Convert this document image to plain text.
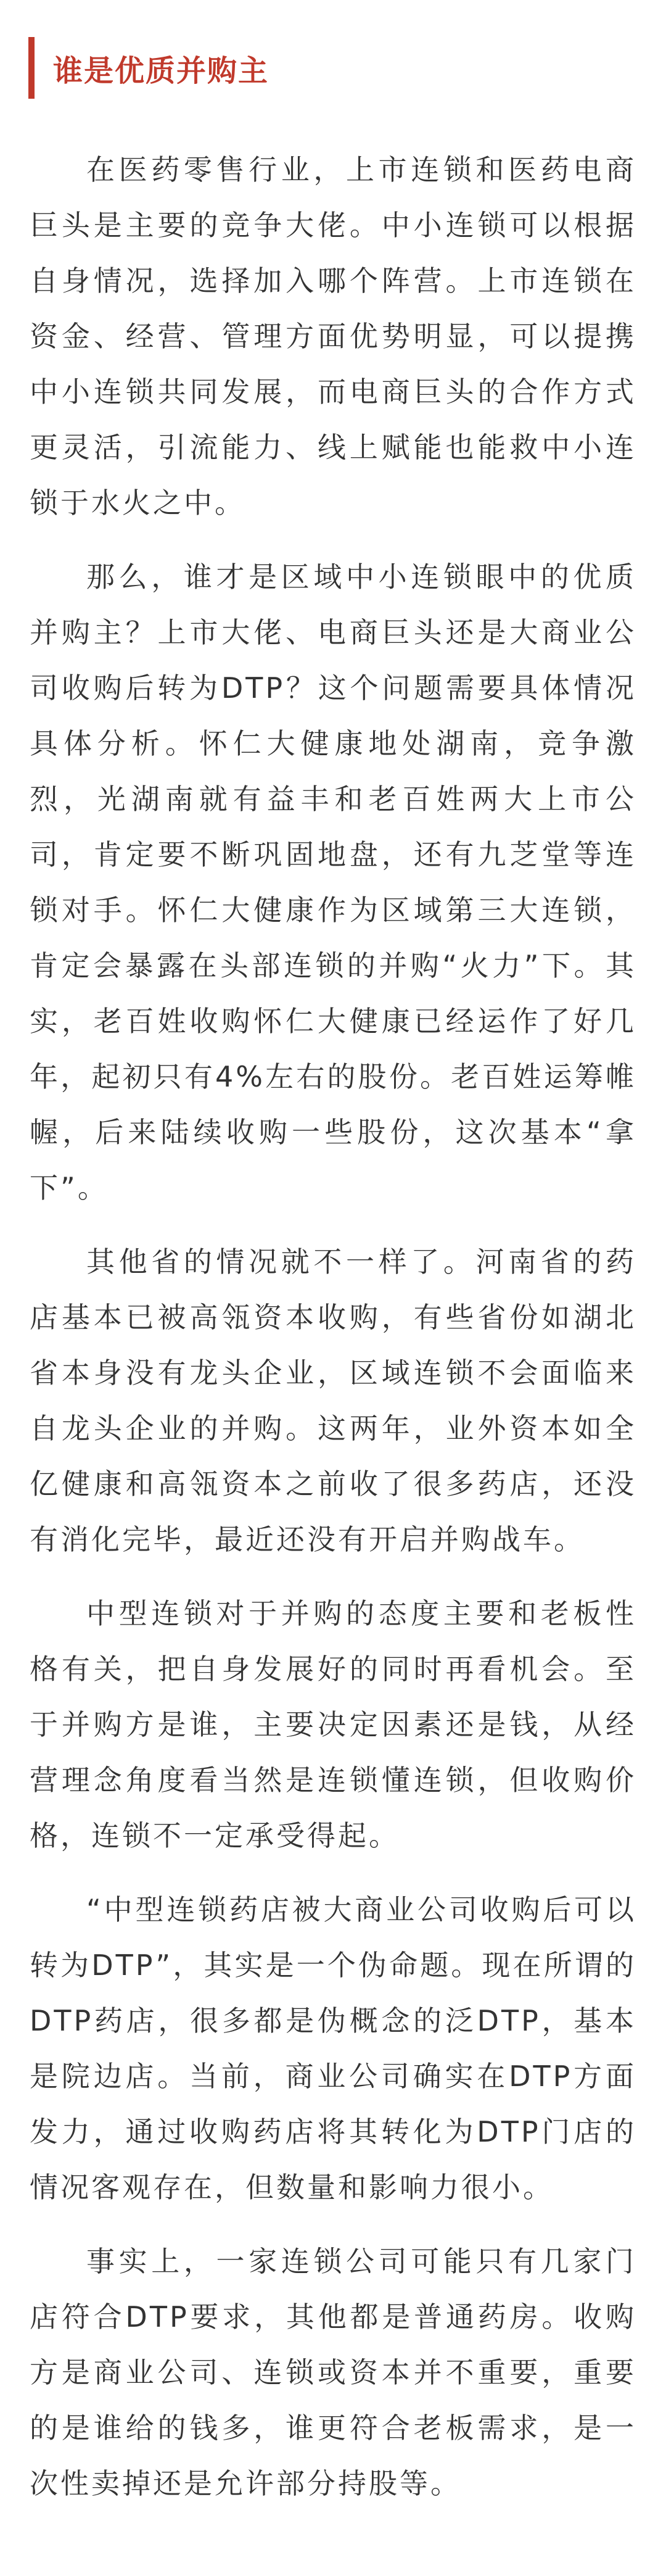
谁是优质并购主

在医药零售行业，上市连锁和医药电商巨头是主要的竞争大佬。中小连锁可以根据自身情况，选择加入哪个阵营。上市连锁在资金、经营、管理方面优势明显，可以提携中小连锁共同发展，而电商巨头的合作方式更灵活，引流能力、线上赋能也能救中小连锁于水火之中。

那么，谁才是区域中小连锁眼中的优质并购主？上市大佬、电商巨头还是大商业公司收购后转为DTP？这个问题需要具体情况具体分析。怀仁大健康地处湖南，竞争激烈，光湖南就有益丰和老百姓两大上市公司，肯定要不断巩固地盘，还有九芝堂等连锁对手。怀仁大健康作为区域第三大连锁，肯定会暴露在头部连锁的并购“火力”下。其实，老百姓收购怀仁大健康已经运作了好几年，起初只有4%左右的股份。老百姓运筹帷幄，后来陆续收购一些股份，这次基本“拿下”。

其他省的情况就不一样了。河南省的药店基本已被高瓴资本收购，有些省份如湖北省本身没有龙头企业，区域连锁不会面临来自龙头企业的并购。这两年，业外资本如全亿健康和高瓴资本之前收了很多药店，还没有消化完毕，最近还没有开启并购战车。

中型连锁对于并购的态度主要和老板性格有关，把自身发展好的同时再看机会。至于并购方是谁，主要决定因素还是钱，从经营理念角度看当然是连锁懂连锁，但收购价格，连锁不一定承受得起。

“中型连锁药店被大商业公司收购后可以转为DTP”，其实是一个伪命题。现在所谓的DTP药店，很多都是伪概念的泛DTP，基本是院边店。当前，商业公司确实在DTP方面发力，通过收购药店将其转化为DTP门店的情况客观存在，但数量和影响力很小。

事实上，一家连锁公司可能只有几家门店符合DTP要求，其他都是普通药房。收购方是商业公司、连锁或资本并不重要，重要的是谁给的钱多，谁更符合老板需求，是一次性卖掉还是允许部分持股等。
